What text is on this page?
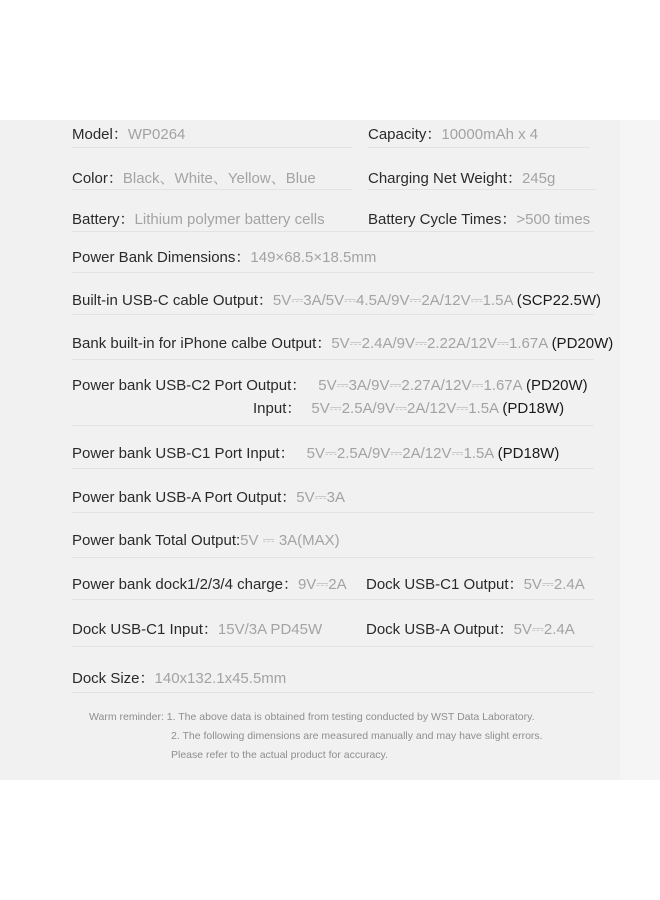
Model：WP0264	Capacity：10000mAh x 4
Color：Black、White、Yellow、Blue	Charging Net Weight：245g
Battery：Lithium polymer battery cells	Battery Cycle Times：>500 times
Power Bank Dimensions：149×68.5×18.5mm
Built-in USB-C cable Output：5V⎓3A/5V⎓4.5A/9V⎓2A/12V⎓1.5A (SCP22.5W)
Bank built-in for iPhone calbe Output：5V⎓2.4A/9V⎓2.22A/12V⎓1.67A (PD20W)
Power bank USB-C2 Port Output： 5V⎓3A/9V⎓2.27A/12V⎓1.67A (PD20W)
Input： 5V⎓2.5A/9V⎓2A/12V⎓1.5A (PD18W)
Power bank USB-C1 Port Input： 5V⎓2.5A/9V⎓2A/12V⎓1.5A (PD18W)
Power bank USB-A Port Output：5V⎓3A
Power bank Total Output:5V ⎓ 3A(MAX)
Power bank dock1/2/3/4 charge：9V⎓2A Dock USB-C1 Output：5V⎓2.4A
Dock USB-C1 Input：15V/3A PD45W	Dock USB-A Output：5V⎓2.4A
Dock Size：140x132.1x45.5mm
Warm reminder: 1. The above data is obtained from testing conducted by WST Data Laboratory.
2. The following dimensions are measured manually and may have slight errors.
Please refer to the actual product for accuracy.
